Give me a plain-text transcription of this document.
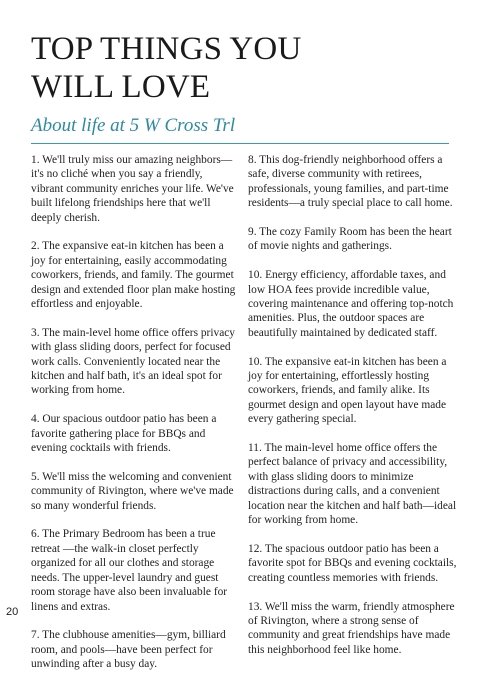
TOP THINGS YOU
WILL LOVE
About life at 5 W Cross Trl

1. We'll truly miss our amazing neighbors—it's no cliché when you say a friendly, vibrant community enriches your life. We've built lifelong friendships here that we'll deeply cherish.

2. The expansive eat-in kitchen has been a joy for entertaining, easily accommodating coworkers, friends, and family. The gourmet design and extended floor plan make hosting effortless and enjoyable.

3. The main-level home office offers privacy with glass sliding doors, perfect for focused work calls. Conveniently located near the kitchen and half bath, it's an ideal spot for working from home.

4. Our spacious outdoor patio has been a favorite gathering place for BBQs and evening cocktails with friends.

5. We'll miss the welcoming and convenient community of Rivington, where we've made so many wonderful friends.

6. The Primary Bedroom has been a true retreat —the walk-in closet perfectly organized for all our clothes and storage needs. The upper-level laundry and guest room storage have also been invaluable for linens and extras.

7. The clubhouse amenities—gym, billiard room, and pools—have been perfect for unwinding after a busy day.

8. This dog-friendly neighborhood offers a safe, diverse community with retirees, professionals, young families, and part-time residents—a truly special place to call home.

9. The cozy Family Room has been the heart of movie nights and gatherings.

10. Energy efficiency, affordable taxes, and low HOA fees provide incredible value, covering maintenance and offering top-notch amenities. Plus, the outdoor spaces are beautifully maintained by dedicated staff.

10. The expansive eat-in kitchen has been a joy for entertaining, effortlessly hosting coworkers, friends, and family alike. Its gourmet design and open layout have made every gathering special.

11. The main-level home office offers the perfect balance of privacy and accessibility, with glass sliding doors to minimize distractions during calls, and a convenient location near the kitchen and half bath—ideal for working from home.

12. The spacious outdoor patio has been a favorite spot for BBQs and evening cocktails, creating countless memories with friends.

13. We'll miss the warm, friendly atmosphere of Rivington, where a strong sense of community and great friendships have made this neighborhood feel like home.

20
